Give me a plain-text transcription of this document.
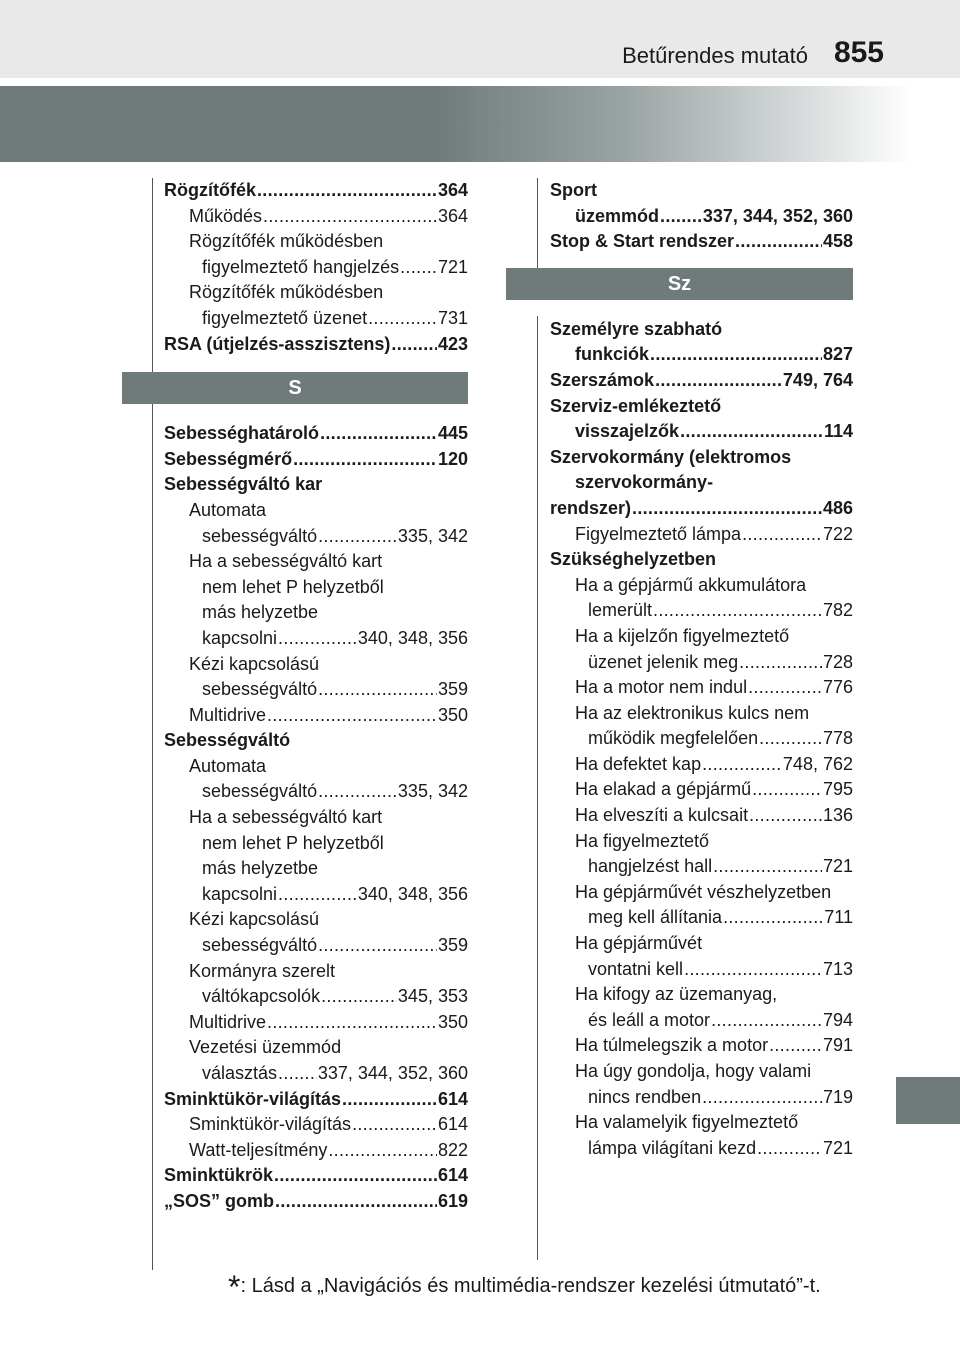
Betűrendes mutató 855
Rögzítőfék .....	364
Működés .....	364
Rögzítőfék működésben
figyelmeztető hangjelzés ..... 721
Rögzítőfék működésben
figyelmeztető üzenet .....	731
RSA (útjelzés-asszisztens) .....	423
S
Sebességhatároló .....	445
Sebességmérő .....	120
Sebességváltó kar
Automata
sebességváltó .....	335, 342
Ha a sebességváltó kart
nem lehet P helyzetből
más helyzetbe
kapcsolni .....	340, 348, 356
Kézi kapcsolású
sebességváltó .....	359
Multidrive .....	350
Sebességváltó
Automata
sebességváltó .....	335, 342
Ha a sebességváltó kart
nem lehet P helyzetből
más helyzetbe
kapcsolni .....	340, 348, 356
Kézi kapcsolású
sebességváltó .....	359
Kormányra szerelt
váltókapcsolók .....	345, 353
Multidrive .....	350
Vezetési üzemmód
választás ..... 337, 344, 352, 360
Sminktükör-világítás .....	614
Sminktükör-világítás .....	614
Watt-teljesítmény .....	822
Sminktükrök .....	614
„SOS” gomb .....	619
Sport
üzemmód ..... 337, 344, 352, 360
Stop & Start rendszer .....	458
Sz
Személyre szabható
funkciók .....	827
Szerszámok .....	749, 764
Szerviz-emlékeztető
visszajelzők .....	114
Szervokormány (elektromos
szervokormány-
rendszer) .....	486
Figyelmeztető lámpa .....	722
Szükséghelyzetben
Ha a gépjármű akkumulátora
lemerült .....	782
Ha a kijelzőn figyelmeztető
üzenet jelenik meg .....	728
Ha a motor nem indul .....	776
Ha az elektronikus kulcs nem
működik megfelelően .....	778
Ha defektet kap .....	748, 762
Ha elakad a gépjármű .....	795
Ha elveszíti a kulcsait .....	136
Ha figyelmeztető
hangjelzést hall .....	721
Ha gépjárművét vészhelyzetben
meg kell állítania .....	711
Ha gépjárművét
vontatni kell .....	713
Ha kifogy az üzemanyag,
és leáll a motor .....	794
Ha túlmelegszik a motor .....	791
Ha úgy gondolja, hogy valami
nincs rendben .....	719
Ha valamelyik figyelmeztető
lámpa világítani kezd .....	721
*: Lásd a „Navigációs és multimédia-rendszer kezelési útmutató”-t.
